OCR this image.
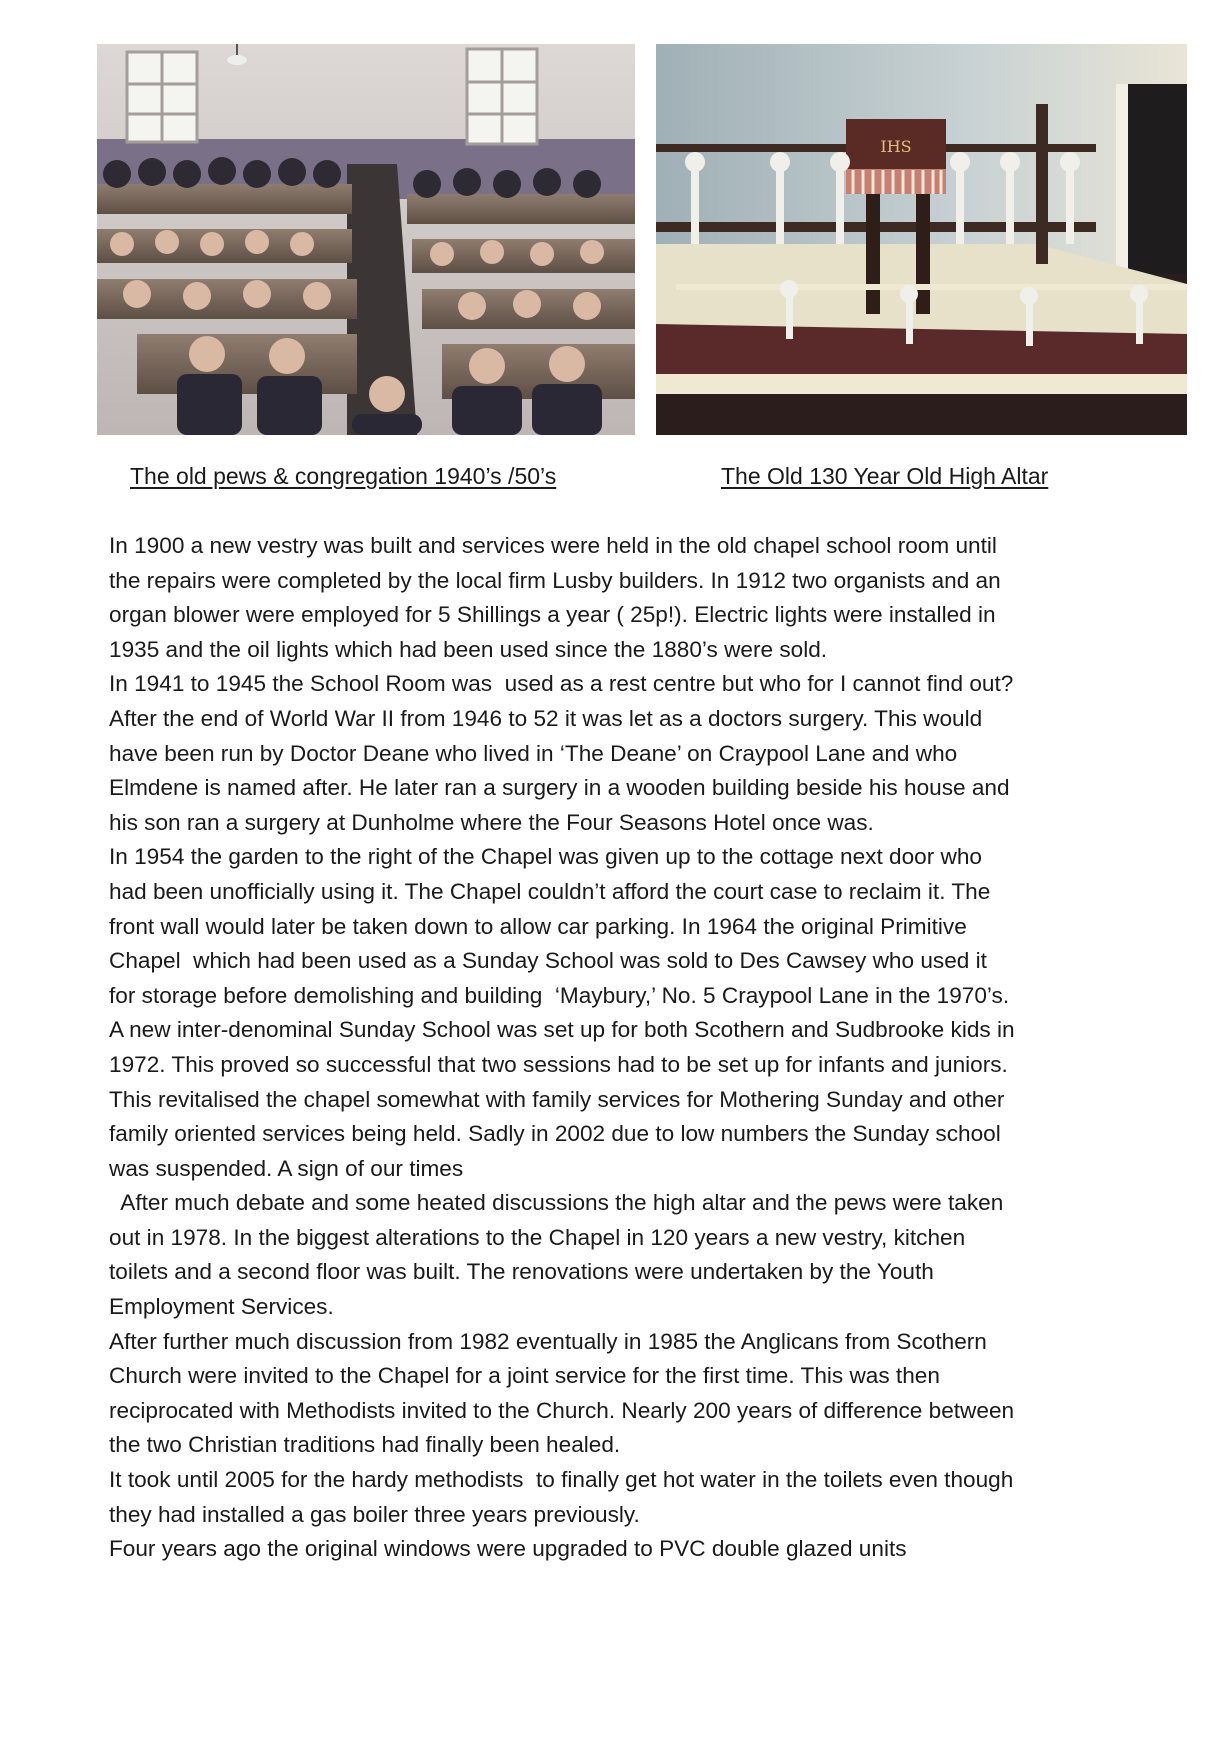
IHS

The old pews & congregation 1940’s /50’s	The Old 130 Year Old High Altar

In 1900 a new vestry was built and services were held in the old chapel school room until
the repairs were completed by the local firm Lusby builders. In 1912 two organists and an
organ blower were employed for 5 Shillings a year ( 25p!). Electric lights were installed in
1935 and the oil lights which had been used since the 1880’s were sold.
In 1941 to 1945 the School Room was  used as a rest centre but who for I cannot find out?
After the end of World War II from 1946 to 52 it was let as a doctors surgery. This would
have been run by Doctor Deane who lived in ‘The Deane’ on Craypool Lane and who
Elmdene is named after. He later ran a surgery in a wooden building beside his house and
his son ran a surgery at Dunholme where the Four Seasons Hotel once was.
In 1954 the garden to the right of the Chapel was given up to the cottage next door who
had been unofficially using it. The Chapel couldn’t afford the court case to reclaim it. The
front wall would later be taken down to allow car parking. In 1964 the original Primitive
Chapel  which had been used as a Sunday School was sold to Des Cawsey who used it
for storage before demolishing and building  ‘Maybury,’ No. 5 Craypool Lane in the 1970’s.
A new inter-denominal Sunday School was set up for both Scothern and Sudbrooke kids in
1972. This proved so successful that two sessions had to be set up for infants and juniors.
This revitalised the chapel somewhat with family services for Mothering Sunday and other
family oriented services being held. Sadly in 2002 due to low numbers the Sunday school
was suspended. A sign of our times
After much debate and some heated discussions the high altar and the pews were taken
out in 1978. In the biggest alterations to the Chapel in 120 years a new vestry, kitchen
toilets and a second floor was built. The renovations were undertaken by the Youth
Employment Services.
After further much discussion from 1982 eventually in 1985 the Anglicans from Scothern
Church were invited to the Chapel for a joint service for the first time. This was then
reciprocated with Methodists invited to the Church. Nearly 200 years of difference between
the two Christian traditions had finally been healed.
It took until 2005 for the hardy methodists  to finally get hot water in the toilets even though
they had installed a gas boiler three years previously.
Four years ago the original windows were upgraded to PVC double glazed units
